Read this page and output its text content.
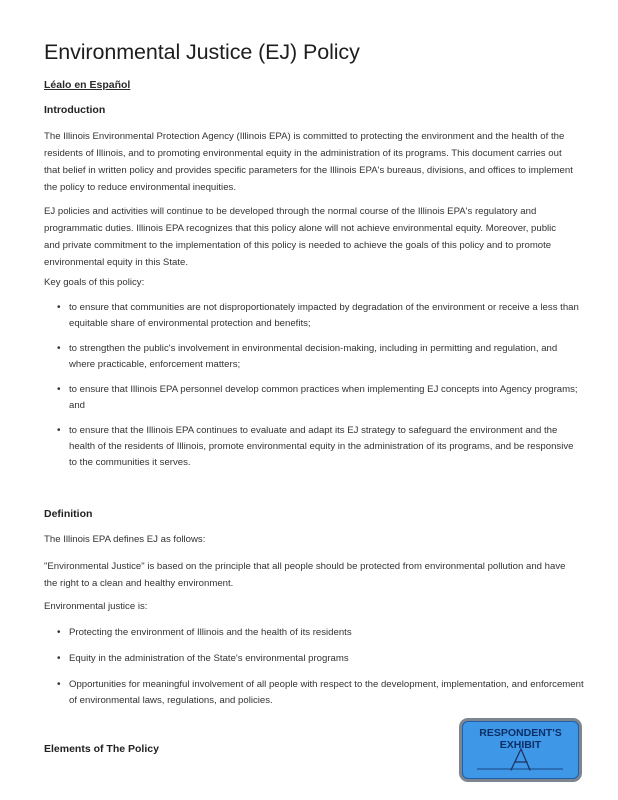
Environmental Justice (EJ) Policy
Léalo en Español
Introduction

The Illinois Environmental Protection Agency (Illinois EPA) is committed to protecting the environment and the health of the residents of Illinois, and to promoting environmental equity in the administration of its programs. This document carries out that belief in written policy and provides specific parameters for the Illinois EPA's bureaus, divisions, and offices to implement the policy to reduce environmental inequities.

EJ policies and activities will continue to be developed through the normal course of the Illinois EPA's regulatory and programmatic duties. Illinois EPA recognizes that this policy alone will not achieve environmental equity. Moreover, public and private commitment to the implementation of this policy is needed to achieve the goals of this policy and to promote environmental equity in this State.

Key goals of this policy:

• to ensure that communities are not disproportionately impacted by degradation of the environment or receive a less than equitable share of environmental protection and benefits;
• to strengthen the public's involvement in environmental decision-making, including in permitting and regulation, and where practicable, enforcement matters;
• to ensure that Illinois EPA personnel develop common practices when implementing EJ concepts into Agency programs; and
• to ensure that the Illinois EPA continues to evaluate and adapt its EJ strategy to safeguard the environment and the health of the residents of Illinois, promote environmental equity in the administration of its programs, and be responsive to the communities it serves.
Definition

The Illinois EPA defines EJ as follows:

"Environmental Justice" is based on the principle that all people should be protected from environmental pollution and have the right to a clean and healthy environment.

Environmental justice is:

• Protecting the environment of Illinois and the health of its residents
• Equity in the administration of the State's environmental programs
• Opportunities for meaningful involvement of all people with respect to the development, implementation, and enforcement of environmental laws, regulations, and policies.
Elements of The Policy
RESPONDENT'S
EXHIBIT
